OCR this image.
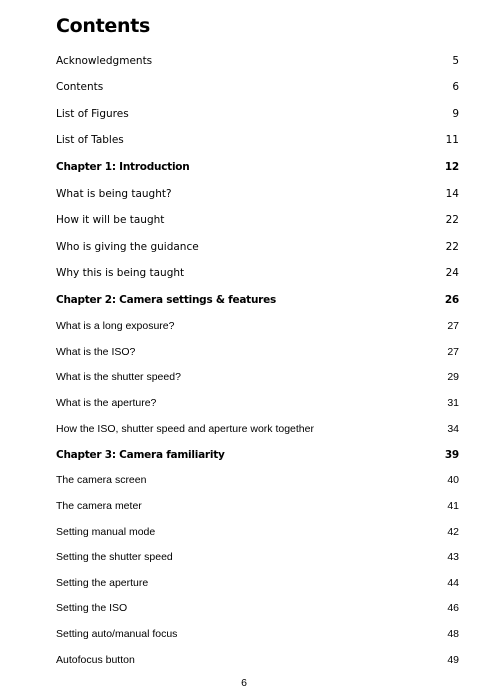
Contents
Acknowledgments	5
Contents	6
List of Figures	9
List of Tables	11
Chapter 1: Introduction	12
What is being taught?	14
How it will be taught	22
Who is giving the guidance	22
Why this is being taught	24
Chapter 2: Camera settings & features	26
What is a long exposure?	27
What is the ISO?	27
What is the shutter speed?	29
What is the aperture?	31
How the ISO, shutter speed and aperture work together	34
Chapter 3: Camera familiarity	39
The camera screen	40
The camera meter	41
Setting manual mode	42
Setting the shutter speed	43
Setting the aperture	44
Setting the ISO	46
Setting auto/manual focus	48
Autofocus button	49
6
